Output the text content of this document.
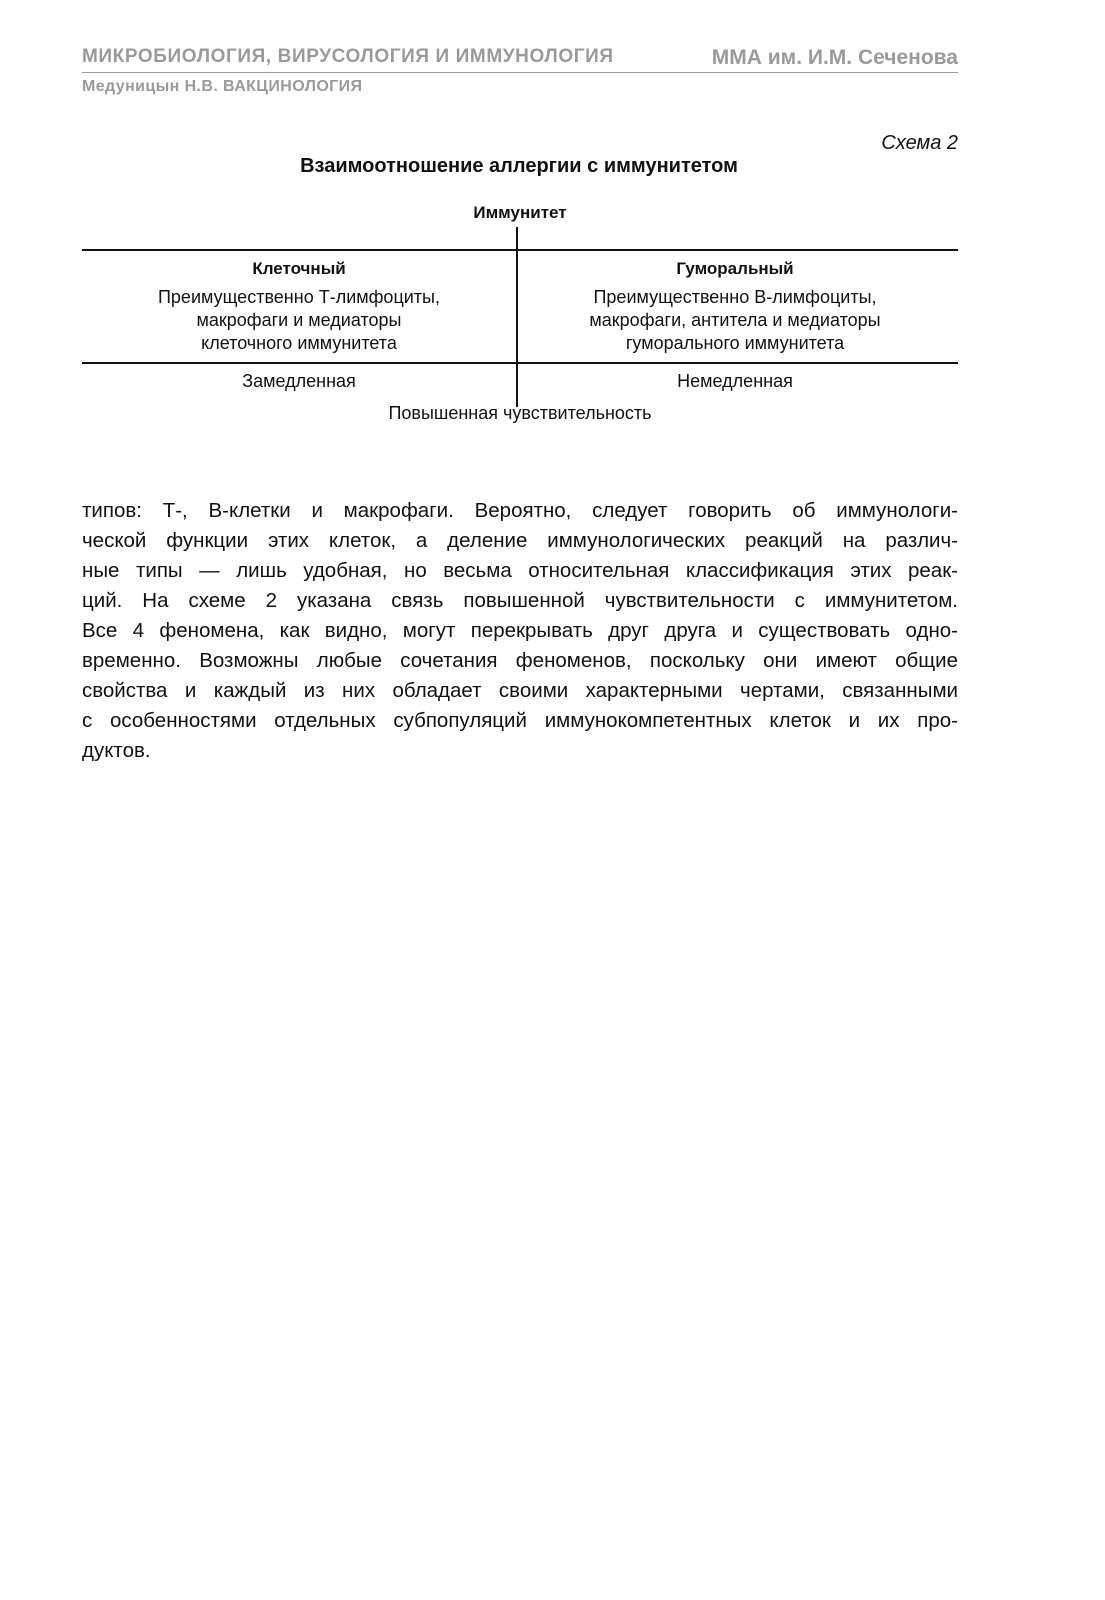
МИКРОБИОЛОГИЯ, ВИРУСОЛОГИЯ И ИММУНОЛОГИЯ	ММА им. И.М. Сеченова
Медуницын Н.В. ВАКЦИНОЛОГИЯ
Схема 2
Взаимоотношение аллергии с иммунитетом
Иммунитет
Клеточный
Преимущественно Т-лимфоциты,
макрофаги и медиаторы
клеточного иммунитета
Гуморальный
Преимущественно В-лимфоциты,
макрофаги, антитела и медиаторы
гуморального иммунитета
Замедленная	Немедленная
Повышенная чувствительность
типов: Т-, В-клетки и макрофаги. Вероятно, следует говорить об иммунологи-
ческой функции этих клеток, а деление иммунологических реакций на различ-
ные типы — лишь удобная, но весьма относительная классификация этих реак-
ций. На схеме 2 указана связь повышенной чувствительности с иммунитетом.
Все 4 феномена, как видно, могут перекрывать друг друга и существовать одно-
временно. Возможны любые сочетания феноменов, поскольку они имеют общие
свойства и каждый из них обладает своими характерными чертами, связанными
с особенностями отдельных субпопуляций иммунокомпетентных клеток и их про-
дуктов.
